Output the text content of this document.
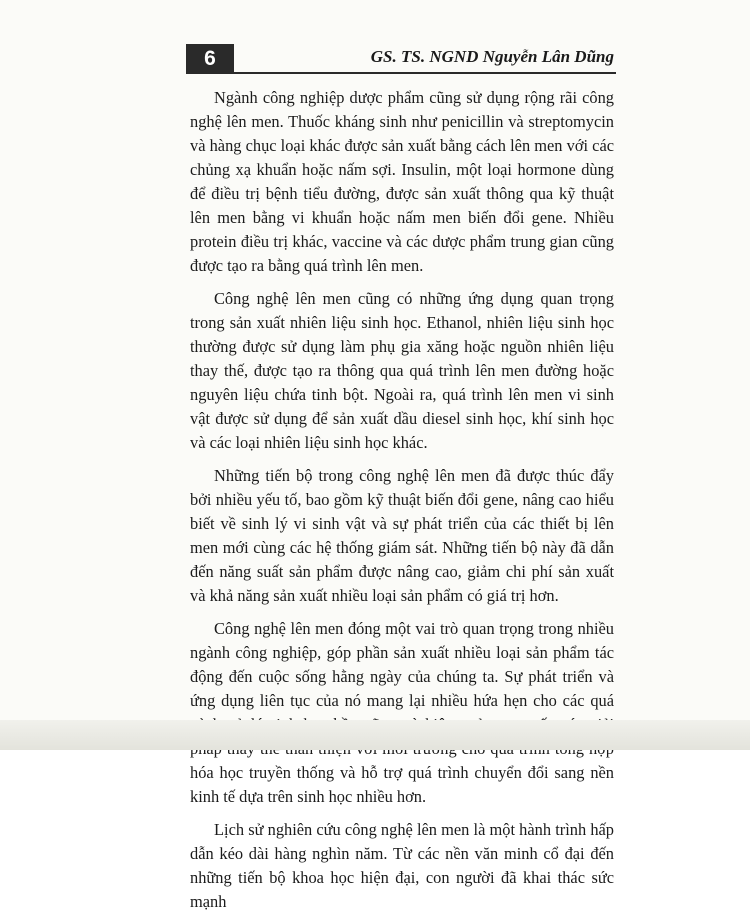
6	GS. TS. NGND Nguyễn Lân Dũng

Ngành công nghiệp dược phẩm cũng sử dụng rộng rãi công nghệ lên men. Thuốc kháng sinh như penicillin và streptomycin và hàng chục loại khác được sản xuất bằng cách lên men với các chủng xạ khuẩn hoặc nấm sợi. Insulin, một loại hormone dùng để điều trị bệnh tiểu đường, được sản xuất thông qua kỹ thuật lên men bằng vi khuẩn hoặc nấm men biến đổi gene. Nhiều protein điều trị khác, vaccine và các dược phẩm trung gian cũng được tạo ra bằng quá trình lên men.

Công nghệ lên men cũng có những ứng dụng quan trọng trong sản xuất nhiên liệu sinh học. Ethanol, nhiên liệu sinh học thường được sử dụng làm phụ gia xăng hoặc nguồn nhiên liệu thay thế, được tạo ra thông qua quá trình lên men đường hoặc nguyên liệu chứa tinh bột. Ngoài ra, quá trình lên men vi sinh vật được sử dụng để sản xuất dầu diesel sinh học, khí sinh học và các loại nhiên liệu sinh học khác.

Những tiến bộ trong công nghệ lên men đã được thúc đẩy bởi nhiều yếu tố, bao gồm kỹ thuật biến đổi gene, nâng cao hiểu biết về sinh lý vi sinh vật và sự phát triển của các thiết bị lên men mới cùng các hệ thống giám sát. Những tiến bộ này đã dẫn đến năng suất sản phẩm được nâng cao, giảm chi phí sản xuất và khả năng sản xuất nhiều loại sản phẩm có giá trị hơn.

Công nghệ lên men đóng một vai trò quan trọng trong nhiều ngành công nghiệp, góp phần sản xuất nhiều loại sản phẩm tác động đến cuộc sống hằng ngày của chúng ta. Sự phát triển và ứng dụng liên tục của nó mang lại nhiều hứa hẹn cho các quá hóa học truyền thống và hỗ trợ quá trình chuyển đổi sang nền kinh tế dựa trên sinh học nhiều hơn.

Lịch sử nghiên cứu công nghệ lên men là một hành trình hấp dẫn kéo dài hàng nghìn năm. Từ các nền văn minh cổ đại đến những tiến bộ khoa học hiện đại, con người đã khai thác sức mạnh
